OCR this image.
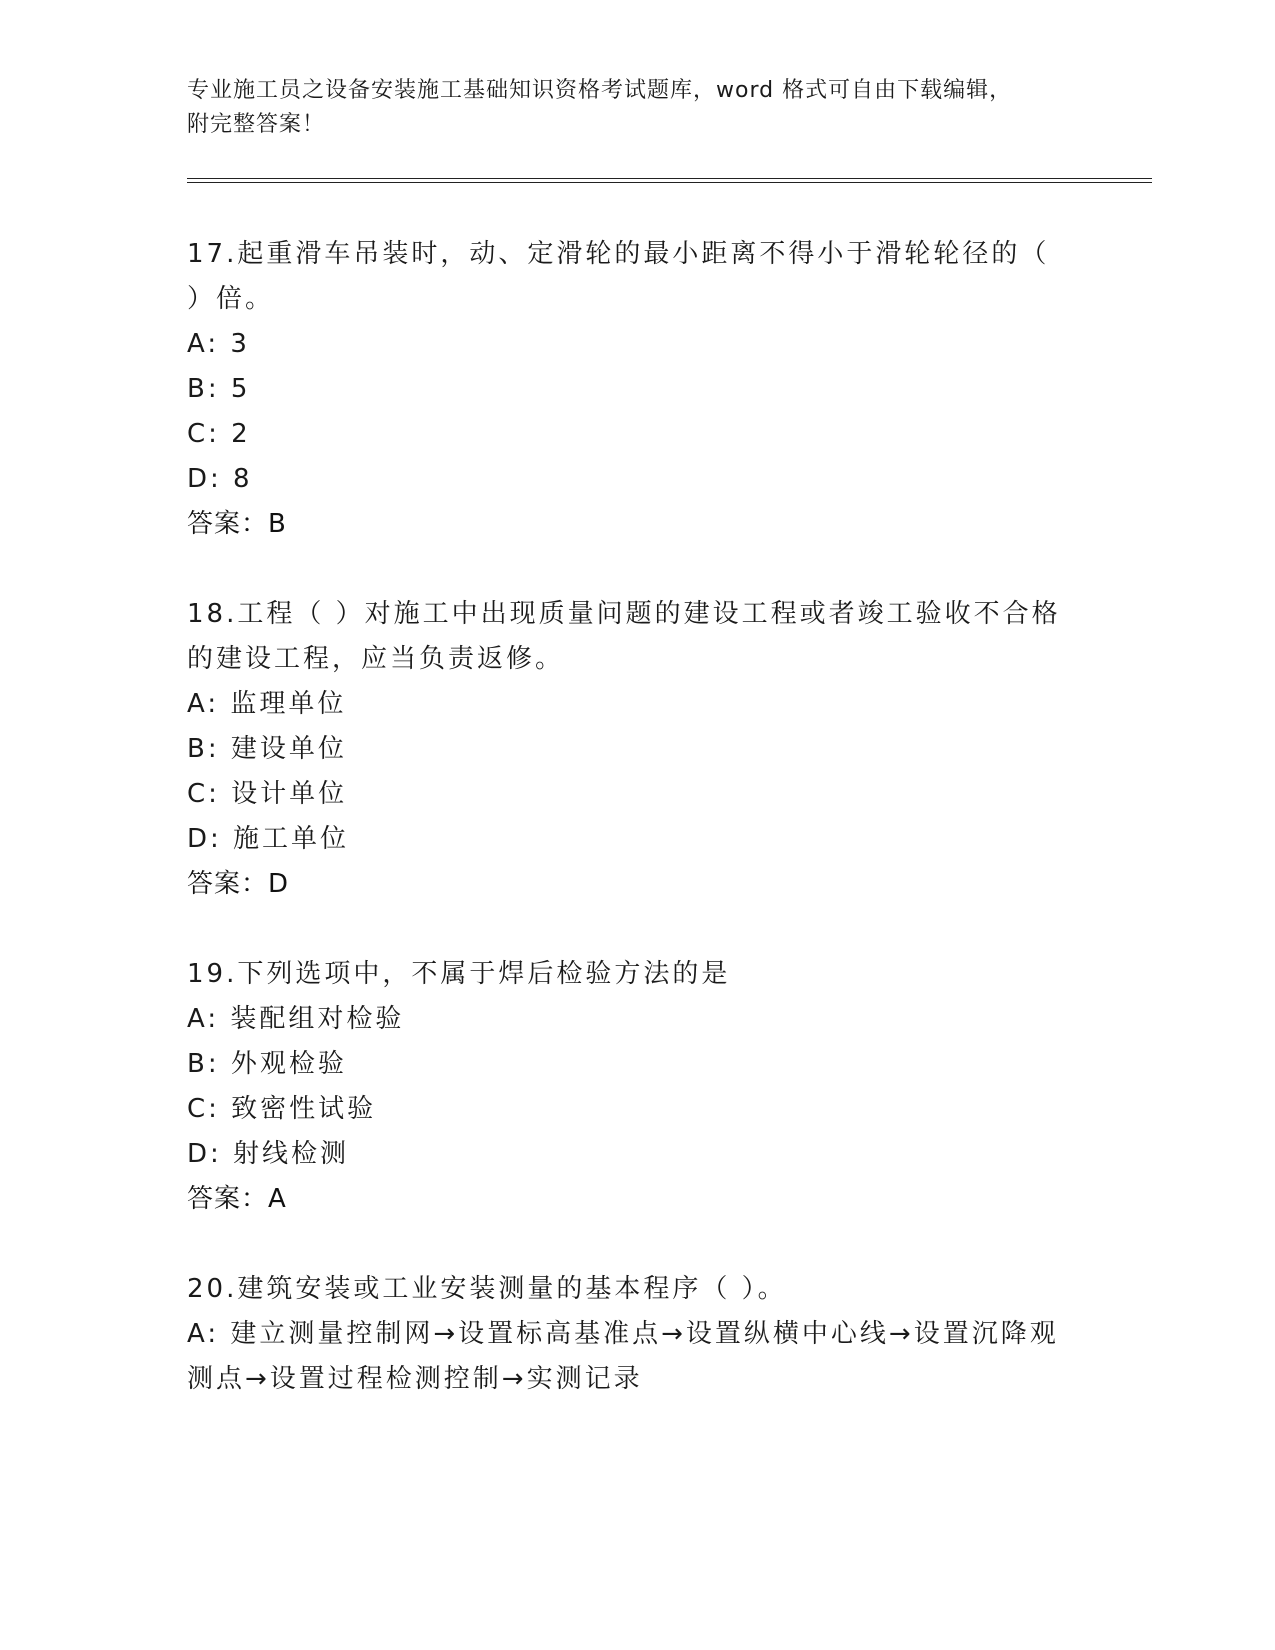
专业施工员之设备安装施工基础知识资格考试题库，word 格式可自由下载编辑，
附完整答案！

17.起重滑车吊装时，动、定滑轮的最小距离不得小于滑轮轮径的（

）倍。

A: 3

B: 5

C: 2

D: 8

答案：B

18.工程（ ）对施工中出现质量问题的建设工程或者竣工验收不合格

的建设工程，应当负责返修。

A: 监理单位

B: 建设单位

C: 设计单位

D: 施工单位

答案：D

19.下列选项中，不属于焊后检验方法的是

A: 装配组对检验

B: 外观检验

C: 致密性试验

D: 射线检测

答案：A

20.建筑安装或工业安装测量的基本程序（ ）。

A: 建立测量控制网→设置标高基准点→设置纵横中心线→设置沉降观

测点→设置过程检测控制→实测记录
